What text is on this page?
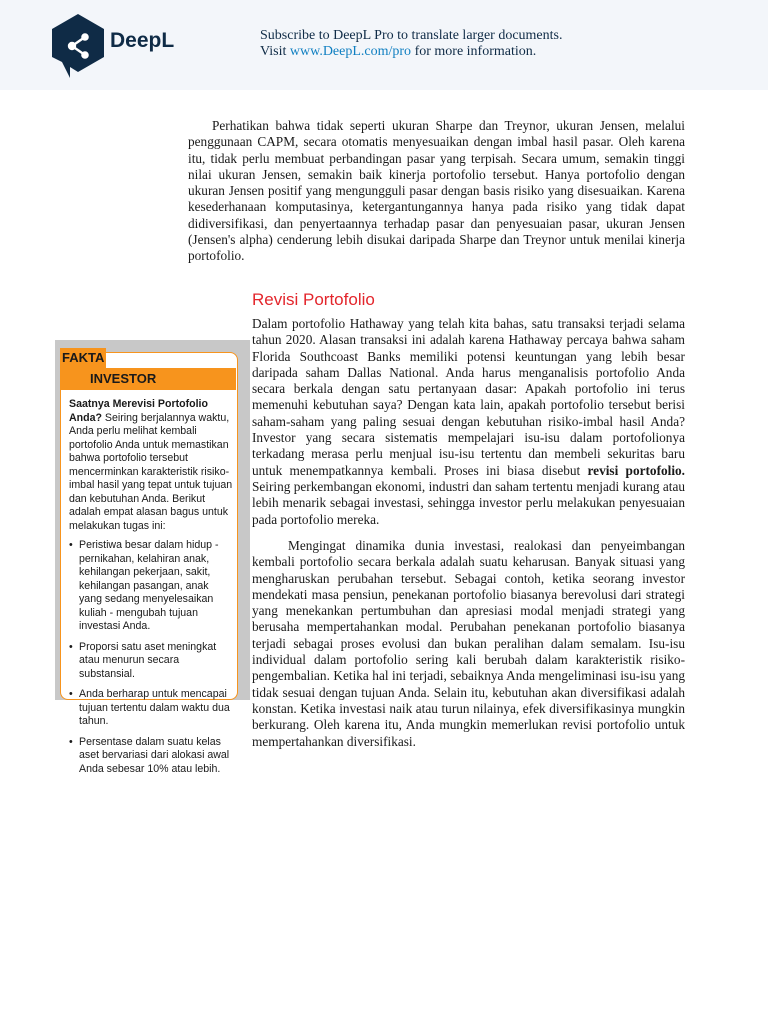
DeepL	Subscribe to DeepL Pro to translate larger documents.
Visit www.DeepL.com/pro for more information.

Perhatikan bahwa tidak seperti ukuran Sharpe dan Treynor, ukuran Jensen, melalui penggunaan CAPM, secara otomatis menyesuaikan dengan imbal hasil pasar. Oleh karena itu, tidak perlu membuat perbandingan pasar yang terpisah. Secara umum, semakin tinggi nilai ukuran Jensen, semakin baik kinerja portofolio tersebut. Hanya portofolio dengan ukuran Jensen positif yang mengungguli pasar dengan basis risiko yang disesuaikan. Karena kesederhanaan komputasinya, ketergantungannya hanya pada risiko yang tidak dapat didiversifikasi, dan penyertaannya terhadap pasar dan penyesuaian pasar, ukuran Jensen (Jensen's alpha) cenderung lebih disukai daripada Sharpe dan Treynor untuk menilai kinerja portofolio.

Revisi Portofolio

Dalam portofolio Hathaway yang telah kita bahas, satu transaksi terjadi selama tahun 2020. Alasan transaksi ini adalah karena Hathaway percaya bahwa saham Florida Southcoast Banks memiliki potensi keuntungan yang lebih besar daripada saham Dallas National. Anda harus menganalisis portofolio Anda secara berkala dengan satu pertanyaan dasar: Apakah portofolio ini terus memenuhi kebutuhan saya? Dengan kata lain, apakah portofolio tersebut berisi saham-saham yang paling sesuai dengan kebutuhan risiko-imbal hasil Anda? Investor yang secara sistematis mempelajari isu-isu dalam portofolionya terkadang merasa perlu menjual isu-isu tertentu dan membeli sekuritas baru untuk menempatkannya kembali. Proses ini biasa disebut revisi portofolio. Seiring perkembangan ekonomi, industri dan saham tertentu menjadi kurang atau lebih menarik sebagai investasi, sehingga investor perlu melakukan penyesuaian pada portofolio mereka.

Mengingat dinamika dunia investasi, realokasi dan penyeimbangan kembali portofolio secara berkala adalah suatu keharusan. Banyak situasi yang mengharuskan perubahan tersebut. Sebagai contoh, ketika seorang investor mendekati masa pensiun, penekanan portofolio biasanya berevolusi dari strategi yang menekankan pertumbuhan dan apresiasi modal menjadi strategi yang berusaha mempertahankan modal. Perubahan penekanan portofolio biasanya terjadi sebagai proses evolusi dan bukan peralihan dalam semalam. Isu-isu individual dalam portofolio sering kali berubah dalam karakteristik risiko-pengembalian. Ketika hal ini terjadi, sebaiknya Anda mengeliminasi isu-isu yang tidak sesuai dengan tujuan Anda. Selain itu, kebutuhan akan diversifikasi adalah konstan. Ketika investasi naik atau turun nilainya, efek diversifikasinya mungkin berkurang. Oleh karena itu, Anda mungkin memerlukan revisi portofolio untuk mempertahankan diversifikasi.

FAKTA
INVESTOR

Saatnya Merevisi Portofolio Anda? Seiring berjalannya waktu, Anda perlu melihat kembali portofolio Anda untuk memastikan bahwa portofolio tersebut mencerminkan karakteristik risiko-imbal hasil yang tepat untuk tujuan dan kebutuhan Anda. Berikut adalah empat alasan bagus untuk melakukan tugas ini:

• Peristiwa besar dalam hidup - pernikahan, kelahiran anak, kehilangan pekerjaan, sakit, kehilangan pasangan, anak yang sedang menyelesaikan kuliah - mengubah tujuan investasi Anda.
• Proporsi satu aset meningkat atau menurun secara substansial.
• Anda berharap untuk mencapai tujuan tertentu dalam waktu dua tahun.
• Persentase dalam suatu kelas aset bervariasi dari alokasi awal Anda sebesar 10% atau lebih.
